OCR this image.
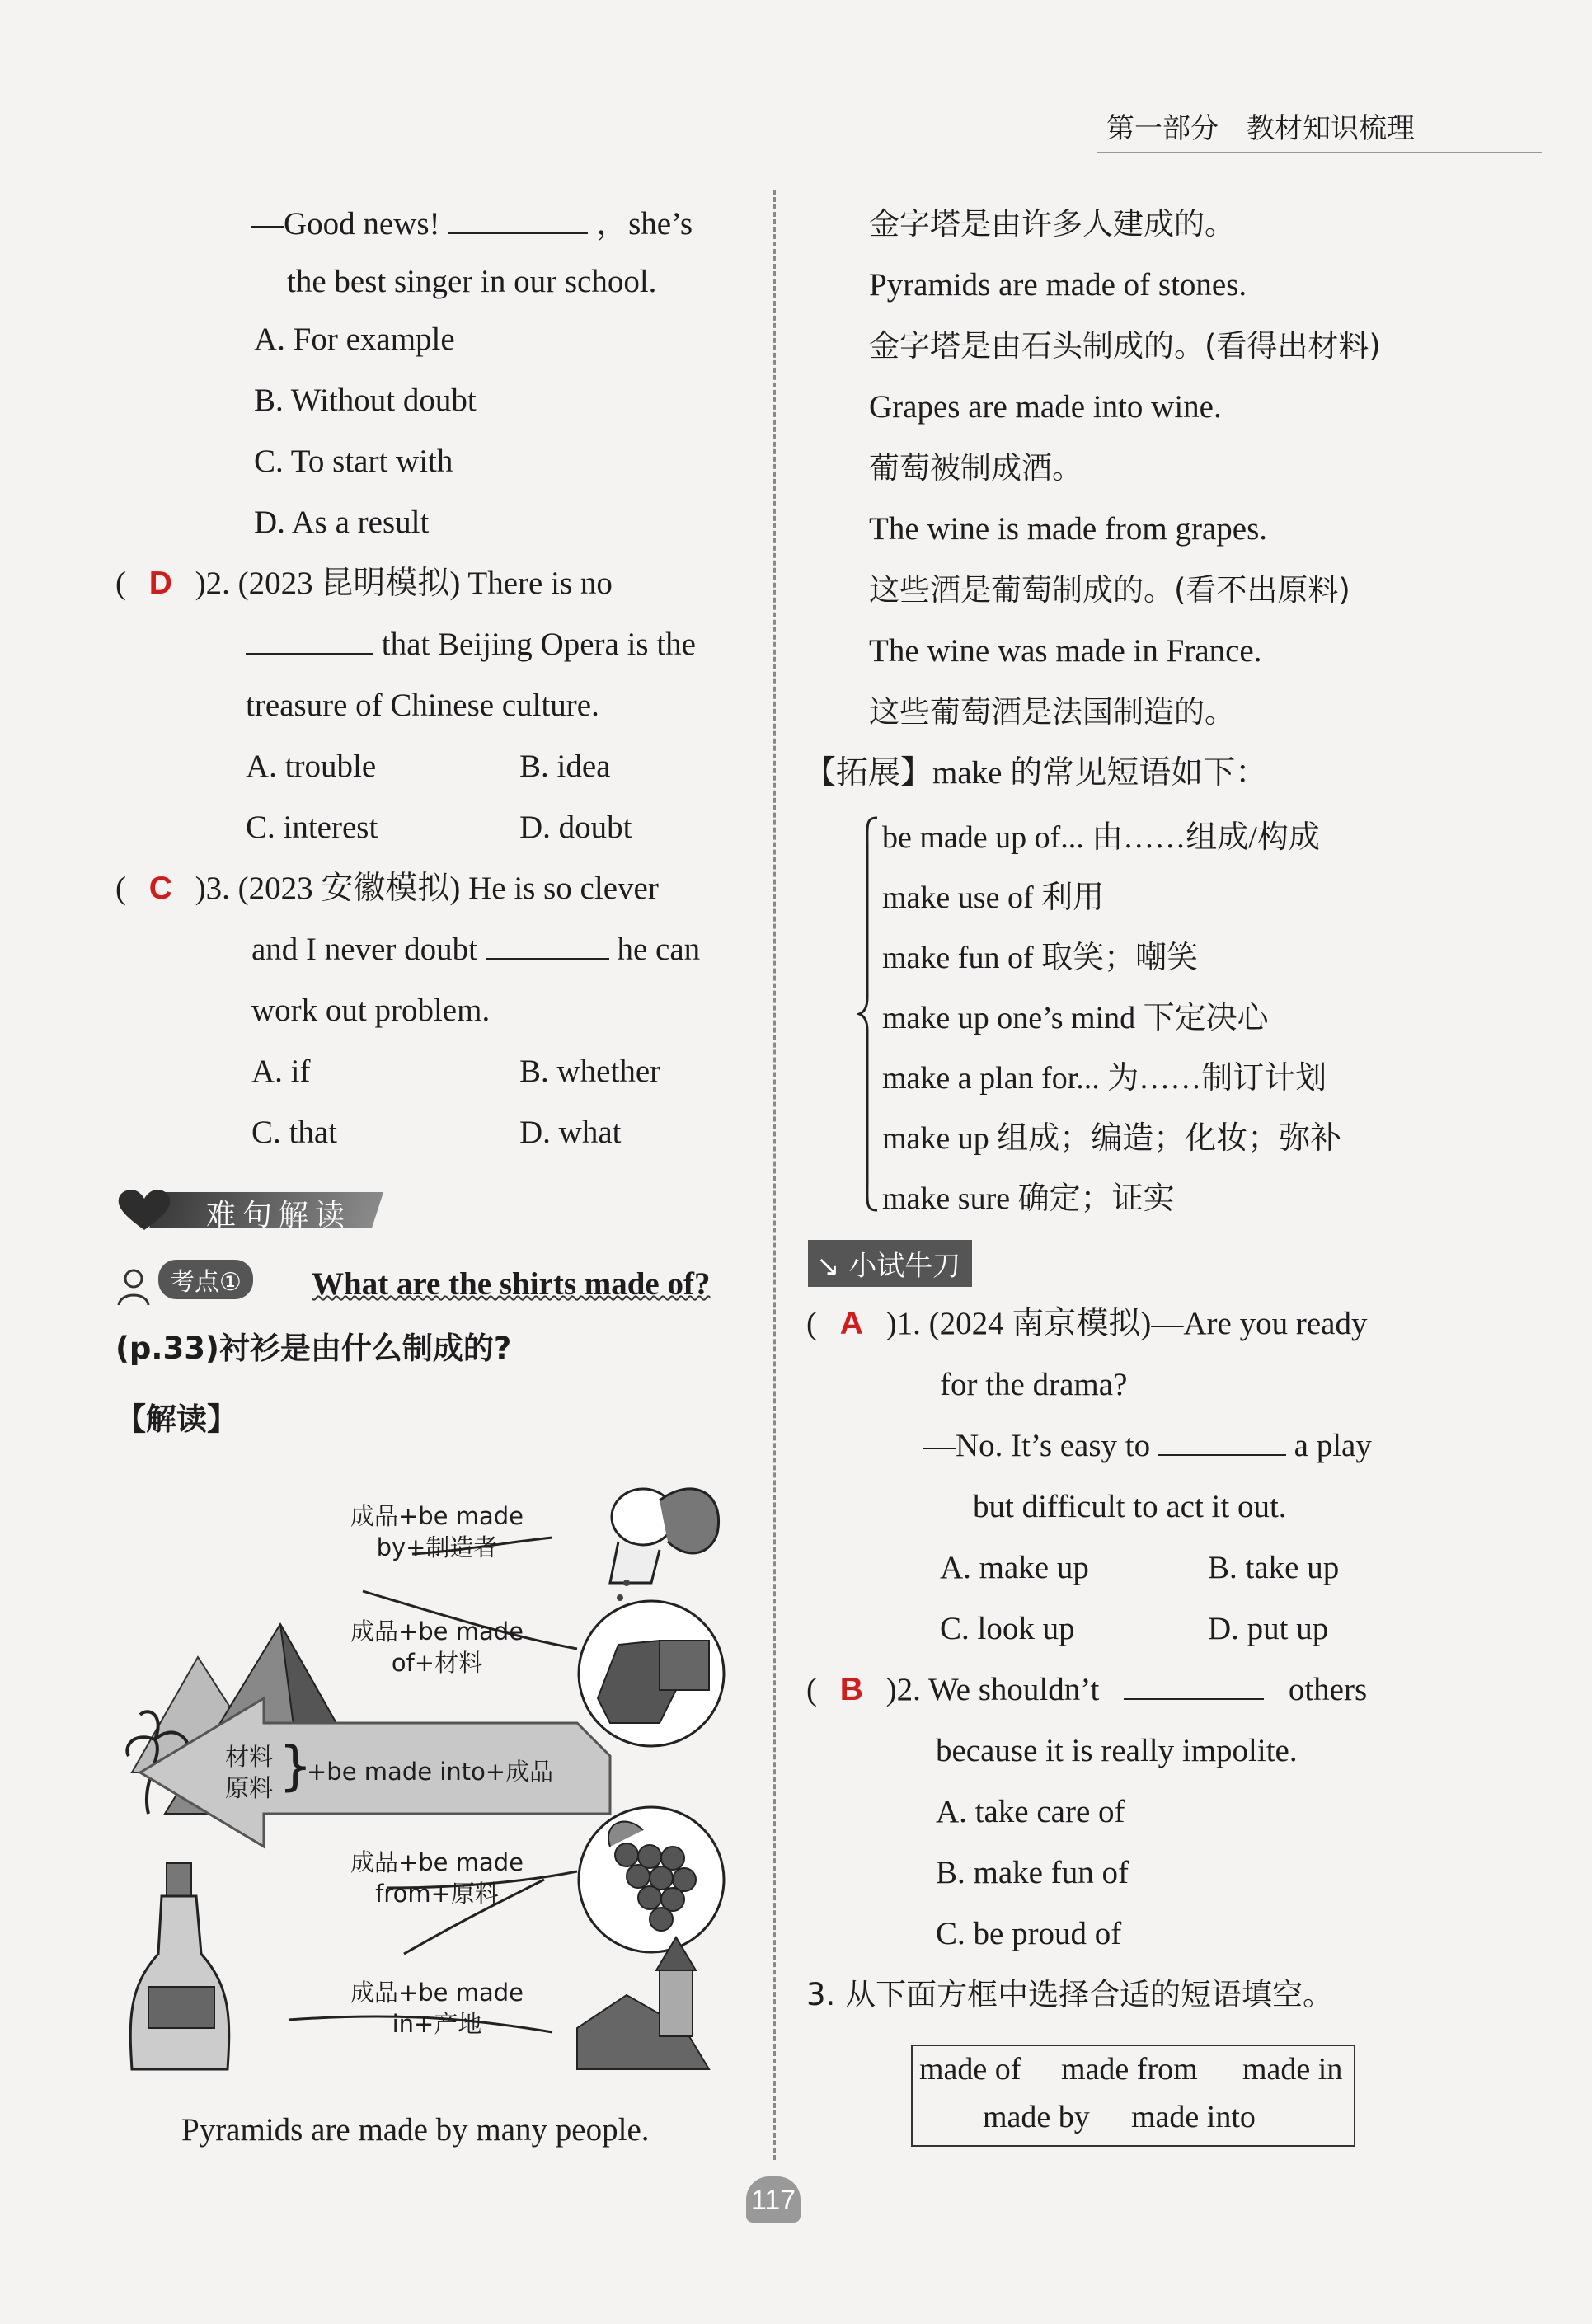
第一部分　教材知识梳理
—Good news!	，she’s
the best singer in our school.
A. For example
B. Without doubt
C. To start with
D. As a result
( D )2. (2023 昆明模拟) There is no
that Beijing Opera is the
treasure of Chinese culture.
A. trouble	B. idea
C. interest	D. doubt
( C )3. (2023 安徽模拟) He is so clever
and I never doubt	he can
work out problem.
A. if	B. whether
C. that	D. what
难句解读
考点①	What are the shirts made of?
(p.33)衬衫是由什么制成的?
【解读】
成品+be made
by+制造者
成品+be made
of+材料
材料
原料 }
+be made into+成品
成品+be made
from+原料
成品+be made
in+产地
Pyramids are made by many people.
金字塔是由许多人建成的。
Pyramids are made of stones.
金字塔是由石头制成的。(看得出材料)
Grapes are made into wine.
葡萄被制成酒。
The wine is made from grapes.
这些酒是葡萄制成的。(看不出原料)
The wine was made in France.
这些葡萄酒是法国制造的。
【拓展】make 的常见短语如下：
be made up of... 由……组成/构成
make use of 利用
make fun of 取笑；嘲笑
make up one’s mind 下定决心
make a plan for... 为……制订计划
make up 组成；编造；化妆；弥补
make sure 确定；证实
↘ 小试牛刀
( A )1. (2024 南京模拟)—Are you ready
for the drama?
—No. It’s easy to	a play
but difficult to act it out.
A. make up	B. take up
C. look up	D. put up
( B )2. We shouldn’t	others
because it is really impolite.
A. take care of
B. make fun of
C. be proud of
3. 从下面方框中选择合适的短语填空。
made of made from made in
made by made into
117
